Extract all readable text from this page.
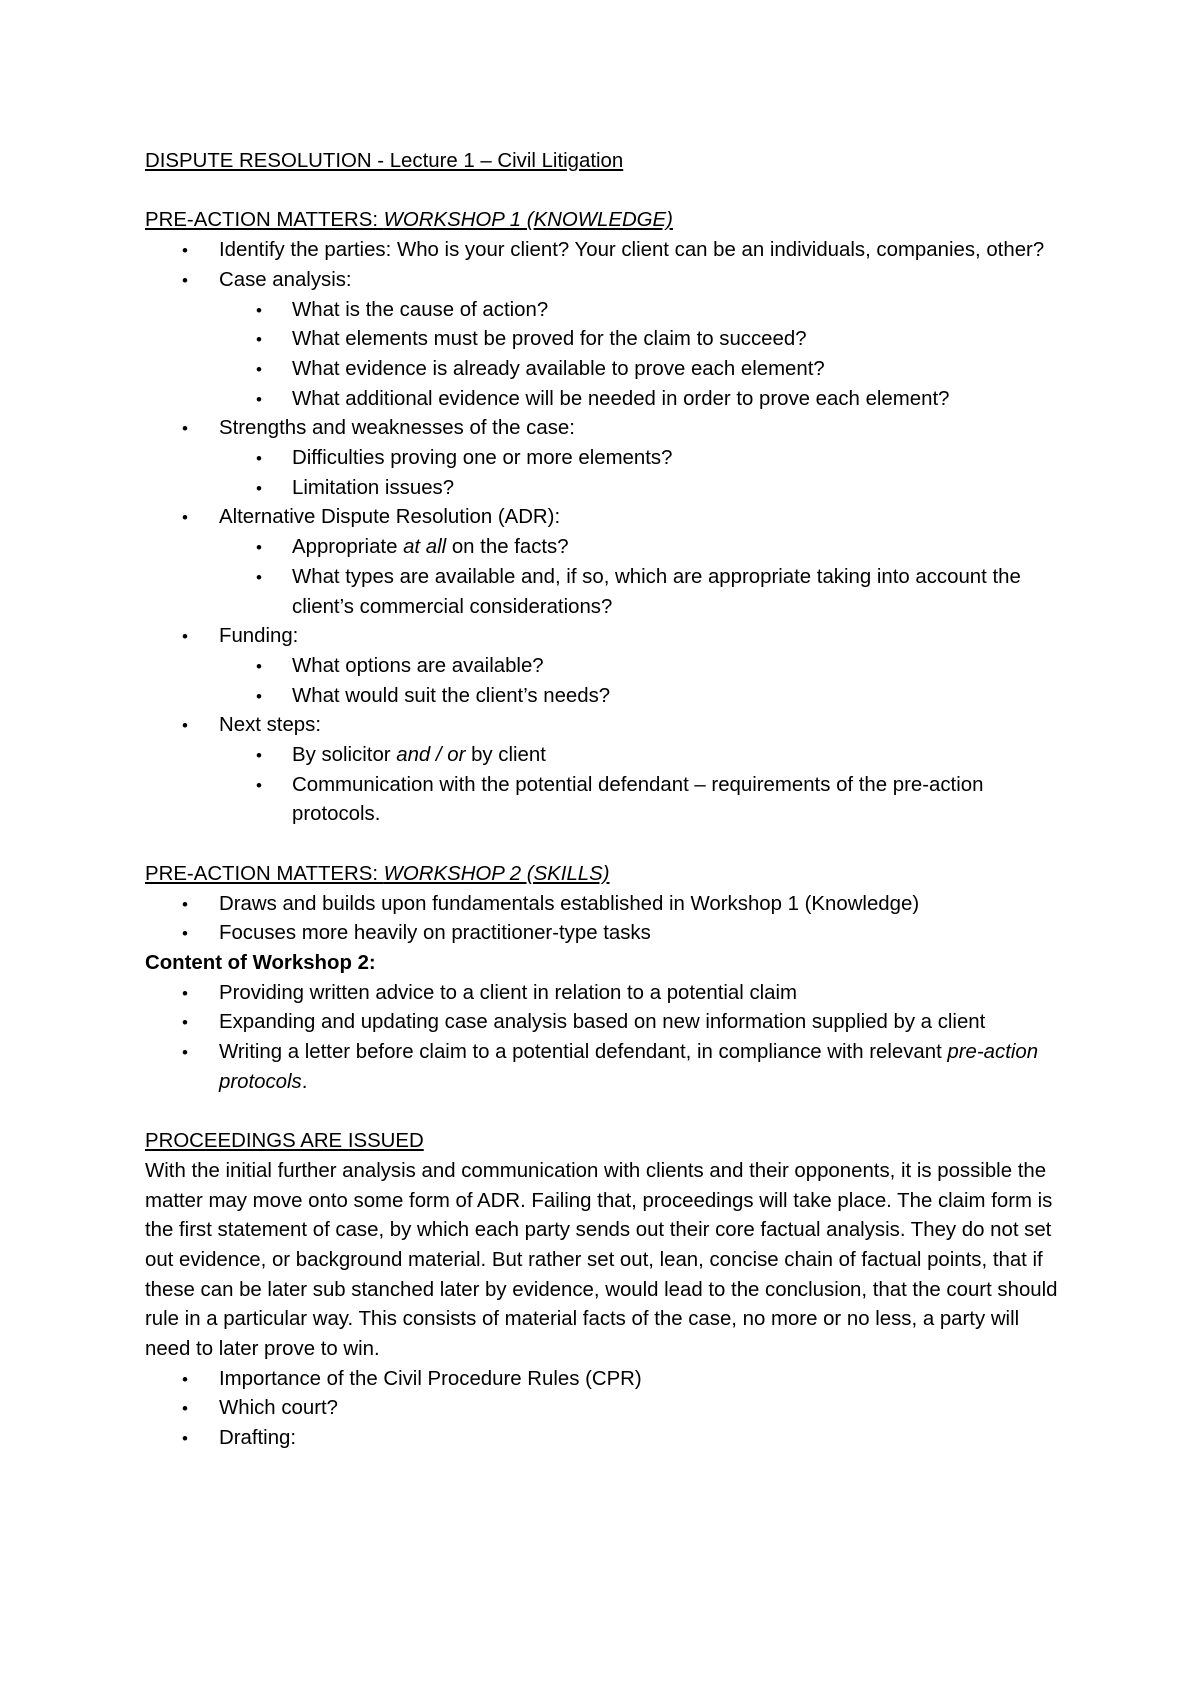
DISPUTE RESOLUTION - Lecture 1 – Civil Litigation
PRE-ACTION MATTERS: WORKSHOP 1 (KNOWLEDGE)
• Identify the parties: Who is your client? Your client can be an individuals, companies, other?
• Case analysis:
• What is the cause of action?
• What elements must be proved for the claim to succeed?
• What evidence is already available to prove each element?
• What additional evidence will be needed in order to prove each element?
• Strengths and weaknesses of the case:
• Difficulties proving one or more elements?
• Limitation issues?
• Alternative Dispute Resolution (ADR):
• Appropriate at all on the facts?
• What types are available and, if so, which are appropriate taking into account the client’s commercial considerations?
• Funding:
• What options are available?
• What would suit the client’s needs?
• Next steps:
• By solicitor and / or by client
• Communication with the potential defendant – requirements of the pre-action protocols.
PRE-ACTION MATTERS: WORKSHOP 2 (SKILLS)
• Draws and builds upon fundamentals established in Workshop 1 (Knowledge)
• Focuses more heavily on practitioner-type tasks
Content of Workshop 2:
• Providing written advice to a client in relation to a potential claim
• Expanding and updating case analysis based on new information supplied by a client
• Writing a letter before claim to a potential defendant, in compliance with relevant pre-action protocols.
PROCEEDINGS ARE ISSUED

With the initial further analysis and communication with clients and their opponents, it is possible the matter may move onto some form of ADR. Failing that, proceedings will take place. The claim form is the first statement of case, by which each party sends out their core factual analysis. They do not set out evidence, or background material. But rather set out, lean, concise chain of factual points, that if these can be later sub stanched later by evidence, would lead to the conclusion, that the court should rule in a particular way. This consists of material facts of the case, no more or no less, a party will need to later prove to win.

• Importance of the Civil Procedure Rules (CPR)
• Which court?
• Drafting:
